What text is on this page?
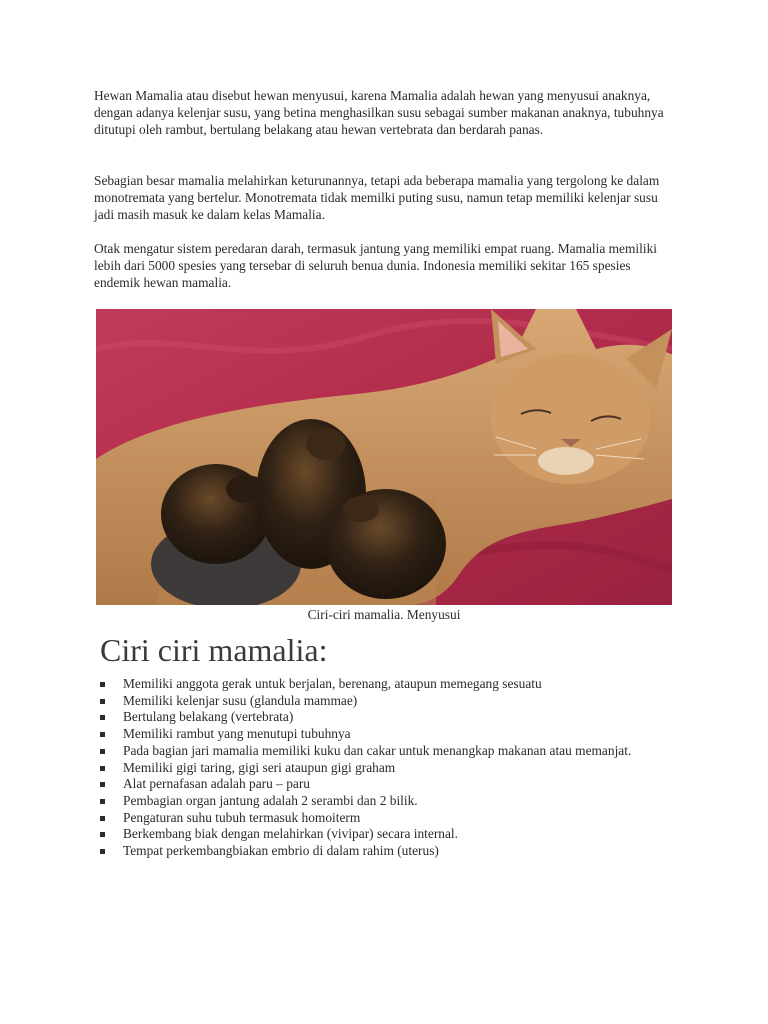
Hewan Mamalia atau disebut hewan menyusui, karena Mamalia adalah hewan yang menyusui anaknya, dengan adanya kelenjar susu, yang betina menghasilkan susu sebagai sumber makanan anaknya, tubuhnya ditutupi oleh rambut, bertulang belakang atau hewan vertebrata dan berdarah panas.

Sebagian besar mamalia melahirkan keturunannya, tetapi ada beberapa mamalia yang tergolong ke dalam monotremata yang bertelur. Monotremata tidak memilki puting susu, namun tetap memiliki kelenjar susu jadi masih masuk ke dalam kelas Mamalia.

Otak mengatur sistem peredaran darah, termasuk jantung yang memiliki empat ruang. Mamalia memiliki lebih dari 5000 spesies yang tersebar di seluruh benua dunia. Indonesia memiliki sekitar 165 spesies endemik hewan mamalia.

Ciri-ciri mamalia. Menyusui

Ciri ciri mamalia:
Memiliki anggota gerak untuk berjalan, berenang, ataupun memegang sesuatu
Memiliki kelenjar susu (glandula mammae)
Bertulang belakang (vertebrata)
Memiliki rambut yang menutupi tubuhnya
Pada bagian jari mamalia memiliki kuku dan cakar untuk menangkap makanan atau memanjat.
Memiliki gigi taring, gigi seri ataupun gigi graham
Alat pernafasan adalah paru – paru
Pembagian organ jantung adalah 2 serambi dan 2 bilik.
Pengaturan suhu tubuh termasuk homoiterm
Berkembang biak dengan melahirkan (vivipar) secara internal.
Tempat perkembangbiakan embrio di dalam rahim (uterus)
